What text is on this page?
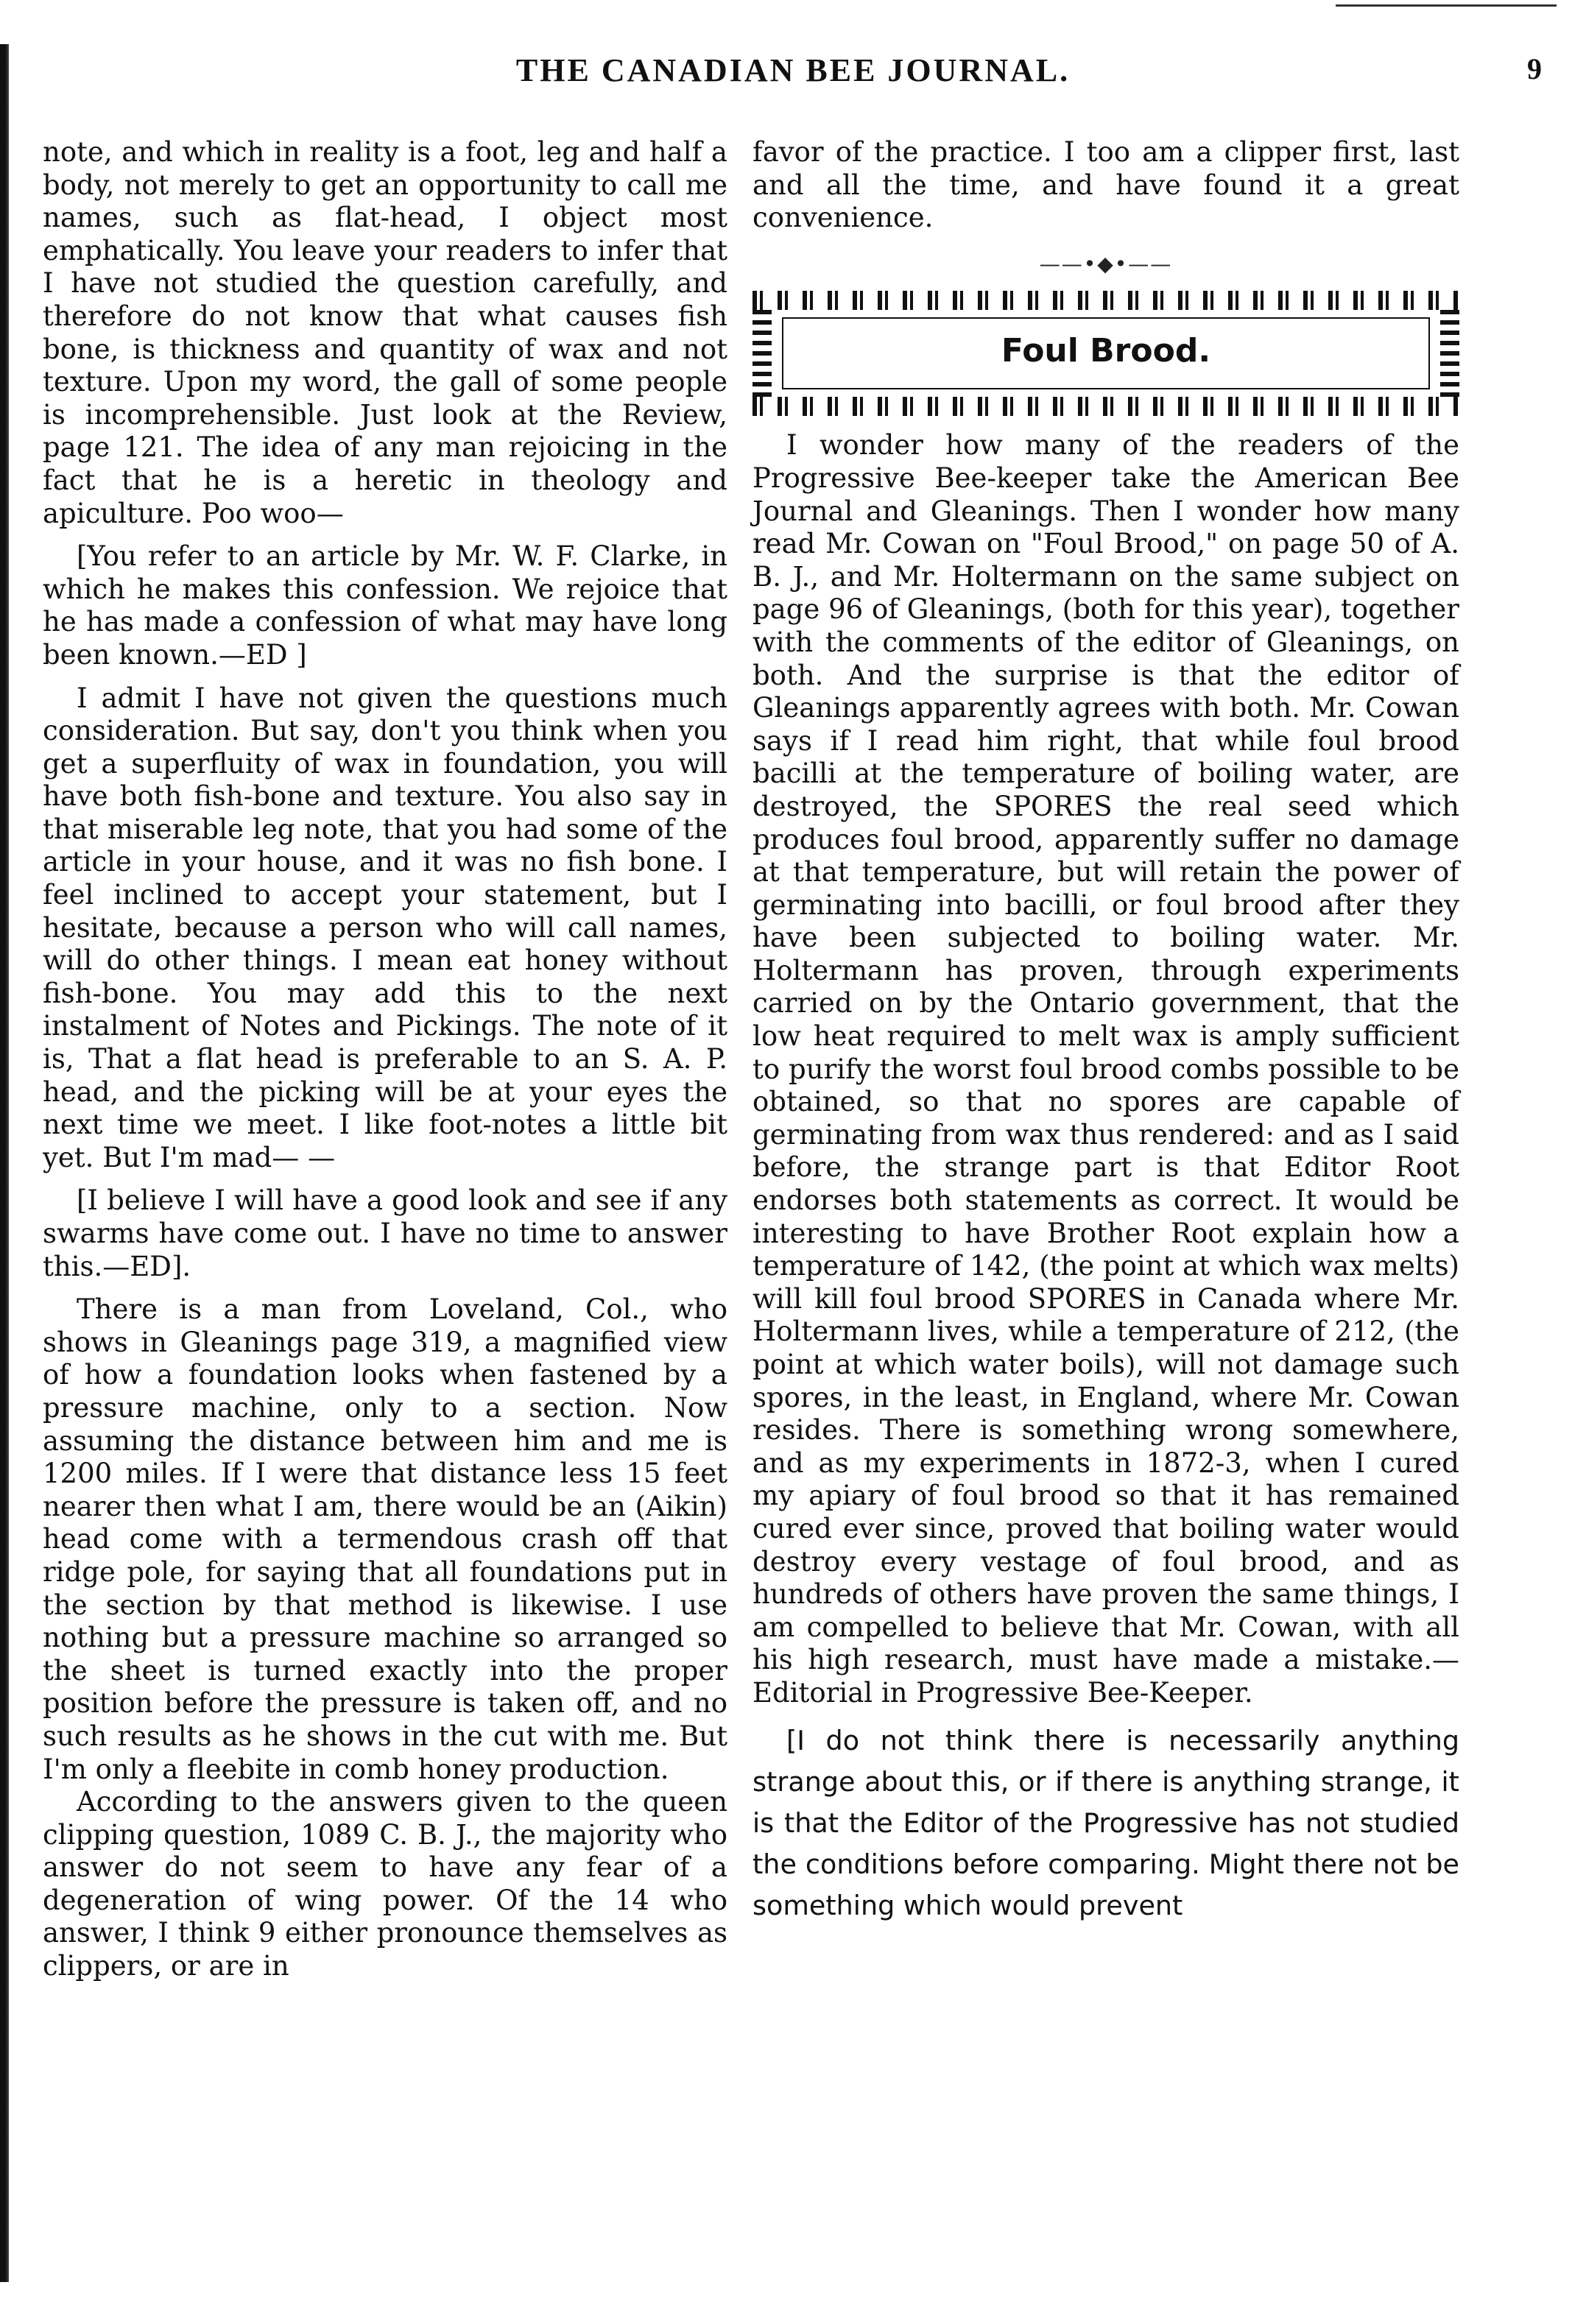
THE CANADIAN BEE JOURNAL.	9

note, and which in reality is a foot, leg and half a body, not merely to get an opportunity to call me names, such as flat-head, I object most emphatically. You leave your readers to infer that I have not studied the question carefully, and therefore do not know that what causes fish bone, is thickness and quantity of wax and not texture. Upon my word, the gall of some people is incomprehensible. Just look at the Review, page 121. The idea of any man rejoicing in the fact that he is a heretic in theology and apiculture. Poo woo—

[You refer to an article by Mr. W. F. Clarke, in which he makes this confession. We rejoice that he has made a confession of what may have long been known.—ED ]

I admit I have not given the questions much consideration. But say, don't you think when you get a superfluity of wax in foundation, you will have both fish-bone and texture. You also say in that miserable leg note, that you had some of the article in your house, and it was no fish bone. I feel inclined to accept your statement, but I hesitate, because a person who will call names, will do other things. I mean eat honey without fish-bone. You may add this to the next instalment of Notes and Pickings. The note of it is, That a flat head is preferable to an S. A. P. head, and the picking will be at your eyes the next time we meet. I like foot-notes a little bit yet. But I'm mad— —

[I believe I will have a good look and see if any swarms have come out. I have no time to answer this.—ED].

There is a man from Loveland, Col., who shows in Gleanings page 319, a magnified view of how a foundation looks when fastened by a pressure machine, only to a section. Now assuming the distance between him and me is 1200 miles. If I were that distance less 15 feet nearer then what I am, there would be an (Aikin) head come with a termendous crash off that ridge pole, for saying that all foundations put in the section by that method is likewise. I use nothing but a pressure machine so arranged so the sheet is turned exactly into the proper position before the pressure is taken off, and no such results as he shows in the cut with me. But I'm only a fleebite in comb honey production.

According to the answers given to the queen clipping question, 1089 C. B. J., the majority who answer do not seem to have any fear of a degeneration of wing power. Of the 14 who answer, I think 9 either pronounce themselves as clippers, or are in

favor of the practice. I too am a clipper first, last and all the time, and have found it a great convenience.

——•◆•——
Foul Brood.

I wonder how many of the readers of the Progressive Bee-keeper take the American Bee Journal and Gleanings. Then I wonder how many read Mr. Cowan on "Foul Brood," on page 50 of A. B. J., and Mr. Holtermann on the same subject on page 96 of Gleanings, (both for this year), together with the comments of the editor of Gleanings, on both. And the surprise is that the editor of Gleanings apparently agrees with both. Mr. Cowan says if I read him right, that while foul brood bacilli at the temperature of boiling water, are destroyed, the SPORES the real seed which produces foul brood, apparently suffer no damage at that temperature, but will retain the power of germinating into bacilli, or foul brood after they have been subjected to boiling water. Mr. Holtermann has proven, through experiments carried on by the Ontario government, that the low heat required to melt wax is amply sufficient to purify the worst foul brood combs possible to be obtained, so that no spores are capable of germinating from wax thus rendered: and as I said before, the strange part is that Editor Root endorses both statements as correct. It would be interesting to have Brother Root explain how a temperature of 142, (the point at which wax melts) will kill foul brood SPORES in Canada where Mr. Holtermann lives, while a temperature of 212, (the point at which water boils), will not damage such spores, in the least, in England, where Mr. Cowan resides. There is something wrong somewhere, and as my experiments in 1872-3, when I cured my apiary of foul brood so that it has remained cured ever since, proved that boiling water would destroy every vestage of foul brood, and as hundreds of others have proven the same things, I am compelled to believe that Mr. Cowan, with all his high research, must have made a mistake.—Editorial in Progressive Bee-Keeper.

[I do not think there is necessarily anything strange about this, or if there is anything strange, it is that the Editor of the Progressive has not studied the conditions before comparing. Might there not be something which would prevent
